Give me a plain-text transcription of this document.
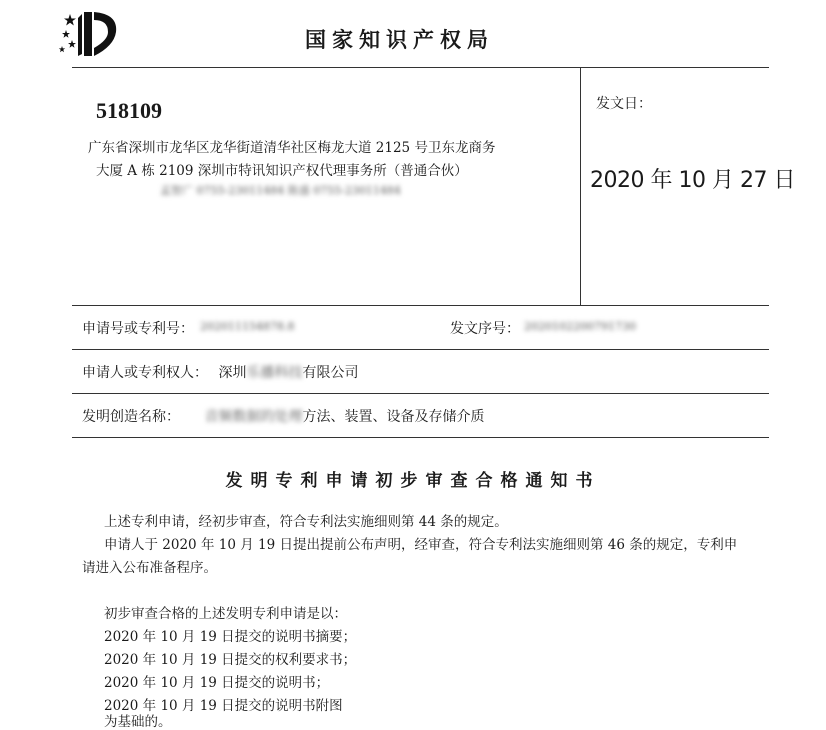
国家知识产权局
518109
广东省深圳市龙华区龙华街道清华社区梅龙大道 2125 号卫东龙商务
大厦 A 栋 2109 深圳市特讯知识产权代理事务所（普通合伙）
孟智广 0755-23011484 陈盛 0755-23011484
发文日：
2020 年 10 月 27 日
申请号或专利号： 202011154878.8	发文序号： 2020102200791730
申请人或专利权人： 深圳乐播科技有限公司
发明创造名称： 音频数据的处理方法、装置、设备及存储介质
发明专利申请初步审查合格通知书
上述专利申请，经初步审查，符合专利法实施细则第 44 条的规定。
申请人于 2020 年 10 月 19 日提出提前公布声明，经审查，符合专利法实施细则第 46 条的规定，专利申
请进入公布准备程序。
初步审查合格的上述发明专利申请是以：
2020 年 10 月 19 日提交的说明书摘要；
2020 年 10 月 19 日提交的权利要求书；
2020 年 10 月 19 日提交的说明书；
2020 年 10 月 19 日提交的说明书附图
为基础的。
